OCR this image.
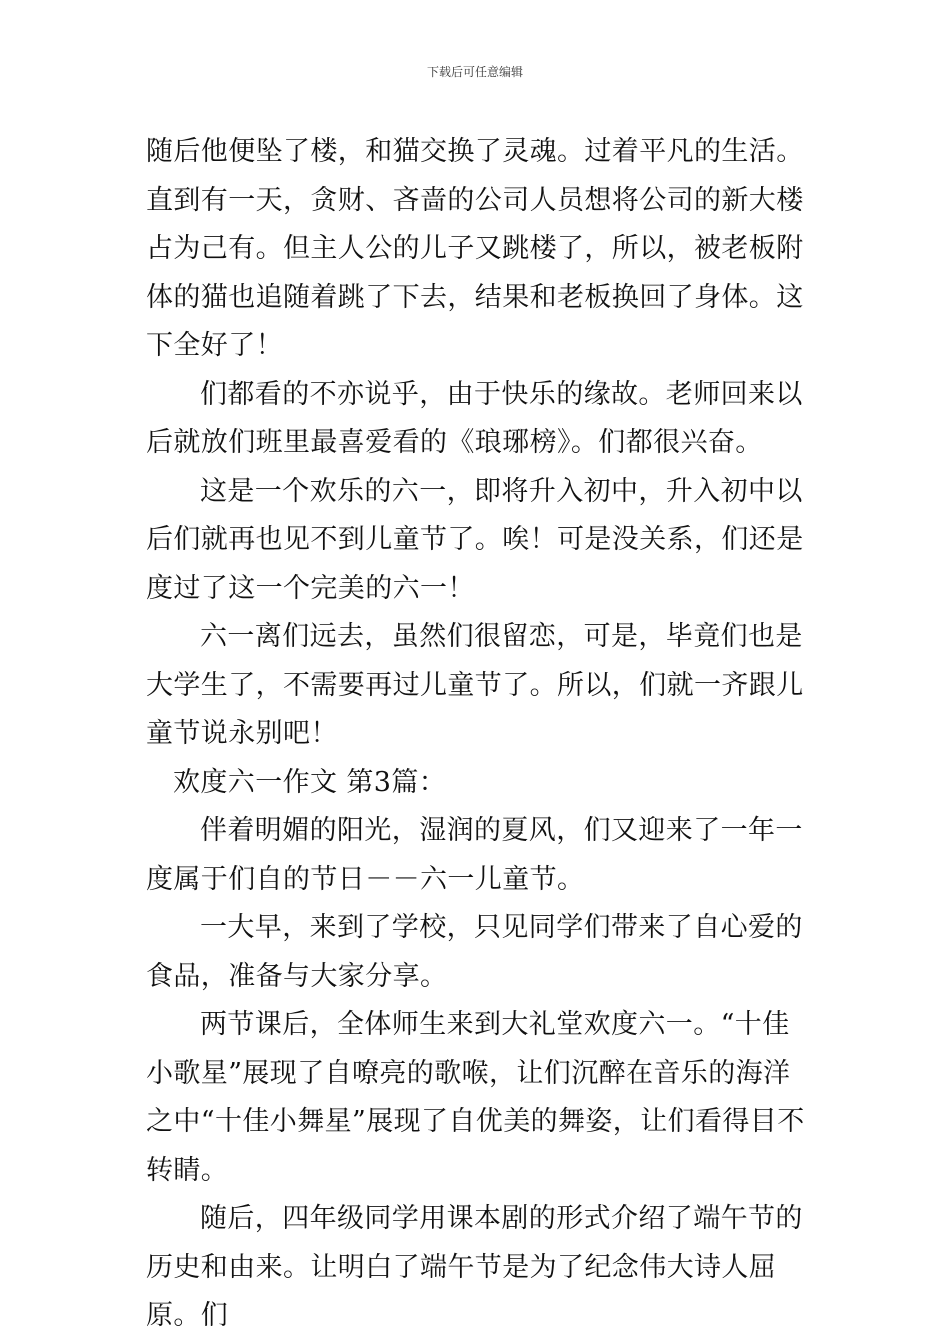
下载后可任意编辑

随后他便坠了楼，和猫交换了灵魂。过着平凡的生活。直到有一天，贪财、吝啬的公司人员想将公司的新大楼占为己有。但主人公的儿子又跳楼了，所以，被老板附体的猫也追随着跳了下去，结果和老板换回了身体。这下全好了！

们都看的不亦说乎，由于快乐的缘故。老师回来以后就放们班里最喜爱看的《琅琊榜》。们都很兴奋。

这是一个欢乐的六一，即将升入初中，升入初中以后们就再也见不到儿童节了。唉！可是没关系，们还是度过了这一个完美的六一！

六一离们远去，虽然们很留恋，可是，毕竟们也是大学生了，不需要再过儿童节了。所以，们就一齐跟儿童节说永别吧！

欢度六一作文 第3篇：

伴着明媚的阳光，湿润的夏风，们又迎来了一年一度属于们自的节日－－六一儿童节。

一大早，来到了学校，只见同学们带来了自心爱的食品，准备与大家分享。

两节课后，全体师生来到大礼堂欢度六一。“十佳小歌星”展现了自嘹亮的歌喉，让们沉醉在音乐的海洋之中“十佳小舞星”展现了自优美的舞姿，让们看得目不转睛。

随后，四年级同学用课本剧的形式介绍了端午节的历史和由来。让明白了端午节是为了纪念伟大诗人屈原。们
